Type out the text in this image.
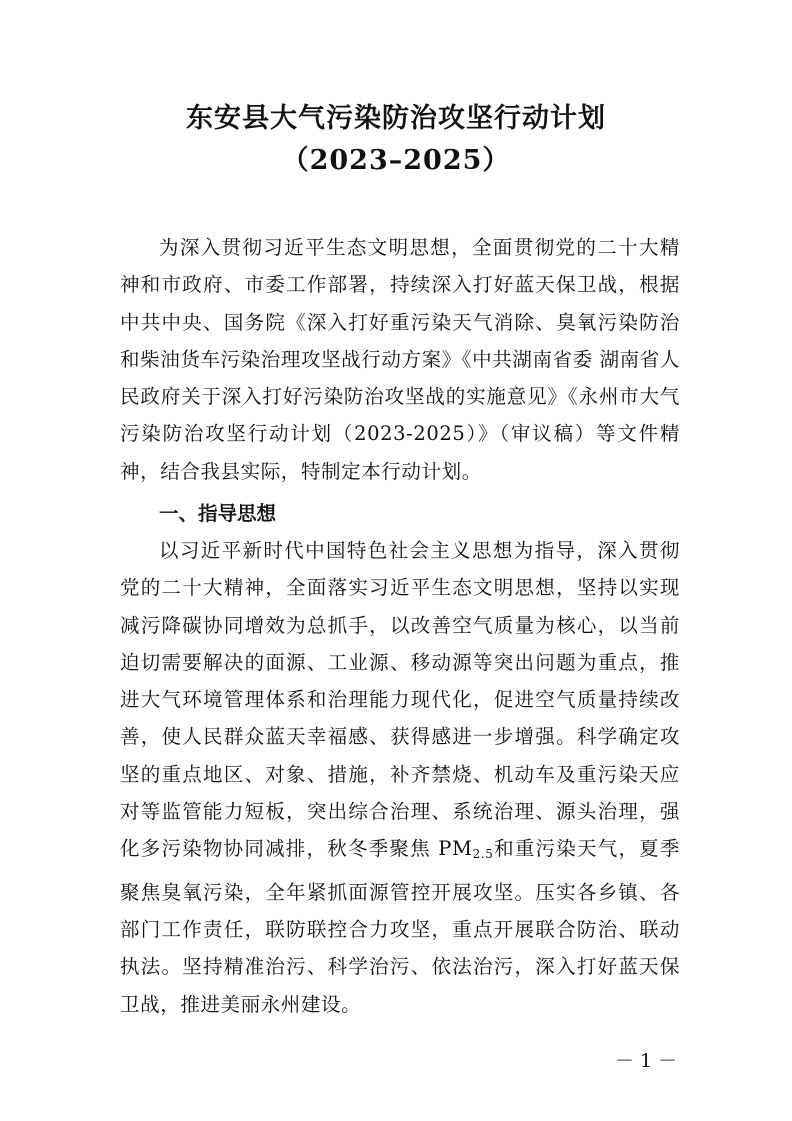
东安县大气污染防治攻坚行动计划
（2023–2025）

为深入贯彻习近平生态文明思想，全面贯彻党的二十大精神和市政府、市委工作部署，持续深入打好蓝天保卫战，根据中共中央、国务院《深入打好重污染天气消除、臭氧污染防治和柴油货车污染治理攻坚战行动方案》《中共湖南省委 湖南省人民政府关于深入打好污染防治攻坚战的实施意见》《永州市大气污染防治攻坚行动计划（2023-2025）》（审议稿）等文件精神，结合我县实际，特制定本行动计划。

一、指导思想

以习近平新时代中国特色社会主义思想为指导，深入贯彻党的二十大精神，全面落实习近平生态文明思想，坚持以实现减污降碳协同增效为总抓手，以改善空气质量为核心，以当前迫切需要解决的面源、工业源、移动源等突出问题为重点，推进大气环境管理体系和治理能力现代化，促进空气质量持续改善，使人民群众蓝天幸福感、获得感进一步增强。科学确定攻坚的重点地区、对象、措施，补齐禁烧、机动车及重污染天应对等监管能力短板，突出综合治理、系统治理、源头治理，强化多污染物协同减排，秋冬季聚焦 $PM_{2.5}$和重污染天气，夏季聚焦臭氧污染，全年紧抓面源管控开展攻坚。压实各乡镇、各部门工作责任，联防联控合力攻坚，重点开展联合防治、联动执法。坚持精准治污、科学治污、依法治污，深入打好蓝天保卫战，推进美丽永州建设。

－ 1 －
